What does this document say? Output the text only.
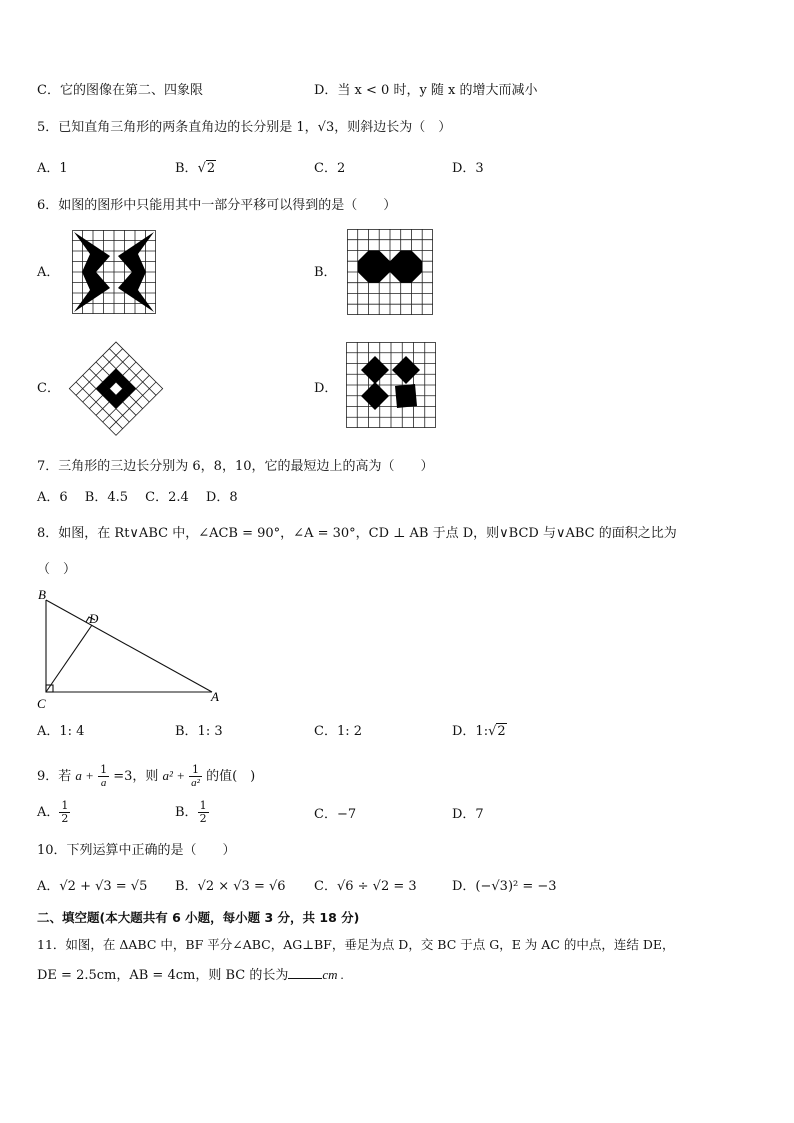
C．它的图像在第二、四象限	D．当 x < 0 时，y 随 x 的增大而减小
5．已知直角三角形的两条直角边的长分别是 1，√3，则斜边长为（　）
A．1	B．√2	C．2	D．3
6．如图的图形中只能用其中一部分平移可以得到的是（　　）
A．	B．
C．	D．
7．三角形的三边长分别为 6，8，10，它的最短边上的高为（　　）
A．6　 B．4.5　 C．2.4　 D．8
8．如图，在 Rt∨ABC 中，∠ACB = 90°，∠A = 30°，CD ⊥ AB 于点 D，则∨BCD 与∨ABC 的面积之比为
（　）
B
D
C	A
A．1: 4	B．1: 3	C．1: 2	D．1:√2
9．若 $a + \frac{1}{a} =3$，则 $a^2 + \frac{1}{\text{a²}}$ 的值(　)
A． $\frac{1}{2}$	B． $\frac{1}{2}$	C．−7	D．7
10．下列运算中正确的是（　　）
A．√2 + √3 = √5 B．√2 × √3 = √6 C．√6 ÷ √2 = 3	D．(−√3)² = −3
二、填空题(本大题共有 6 小题，每小题 3 分，共 18 分)
11．如图，在 ΔABC 中，BF 平分∠ABC，AG⊥BF，垂足为点 D，交 BC 于点 G，E 为 AC 的中点，连结 DE，
DE = 2.5cm，AB = 4cm，则 BC 的长为	cm .
